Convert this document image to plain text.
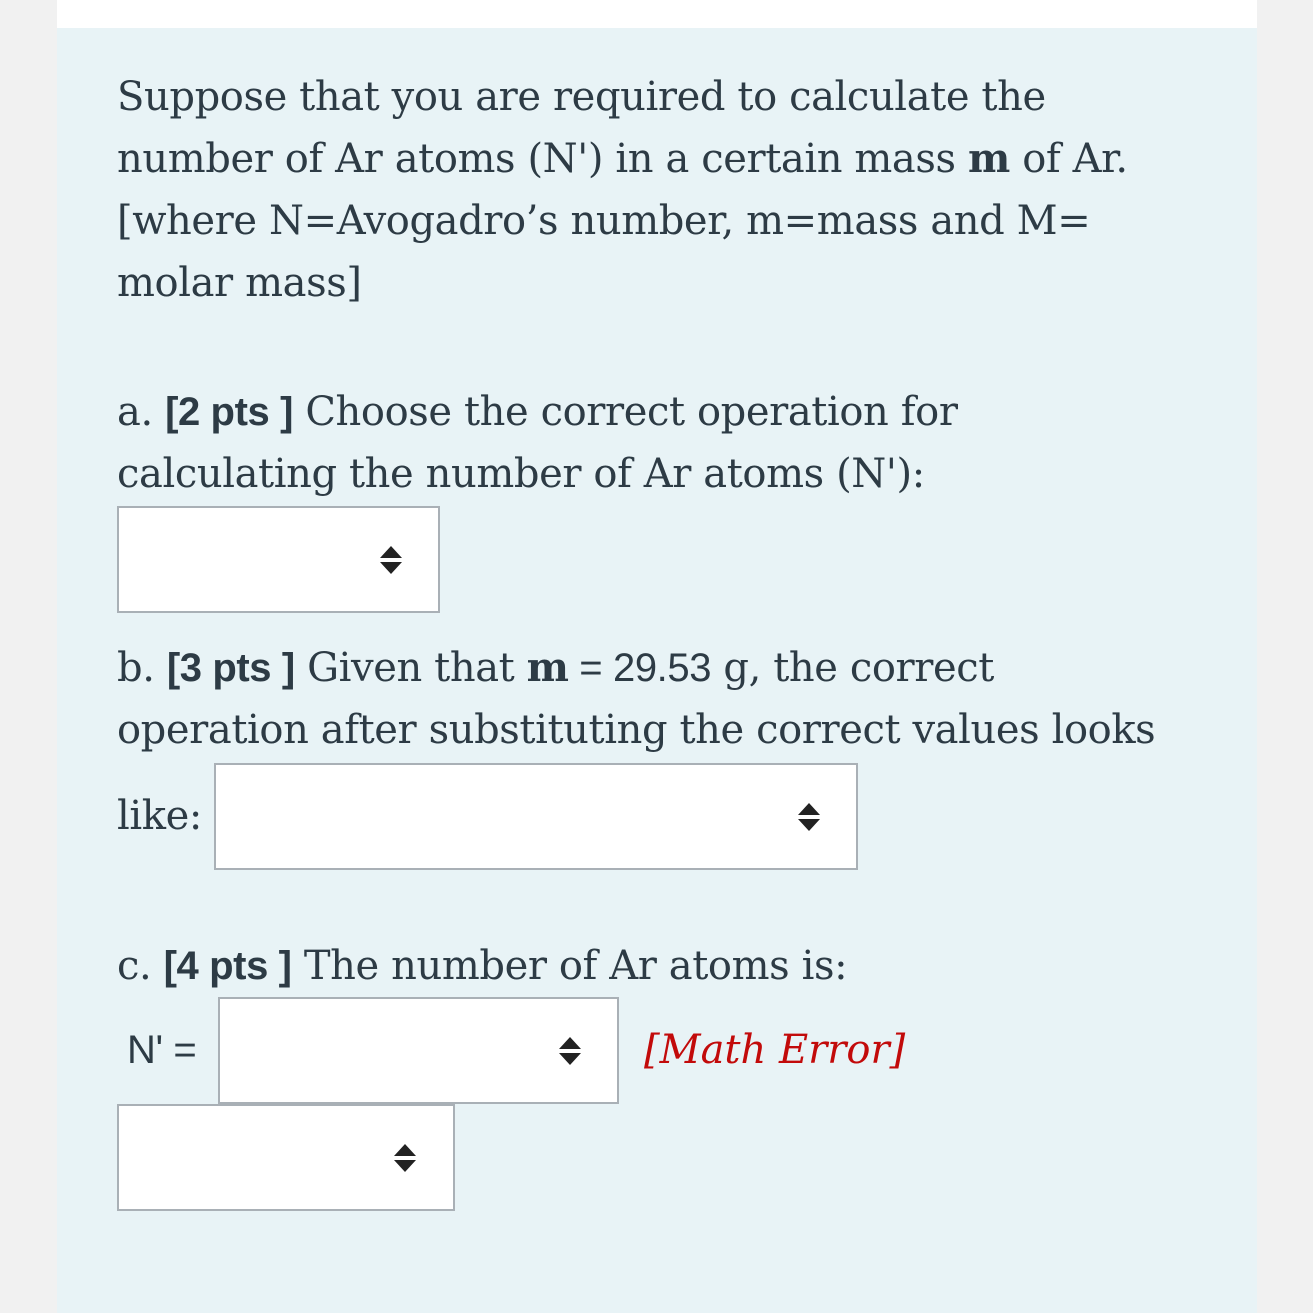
Suppose that you are required to calculate the
number of Ar atoms (N') in a certain mass m of Ar.
[where N=Avogadro’s number, m=mass and M=
molar mass]
a. [2 pts ] Choose the correct operation for
calculating the number of Ar atoms (N'):
b. [3 pts ] Given that m = 29.53 g, the correct
operation after substituting the correct values looks
like:
c. [4 pts ] The number of Ar atoms is:
N' =	[Math Error]
